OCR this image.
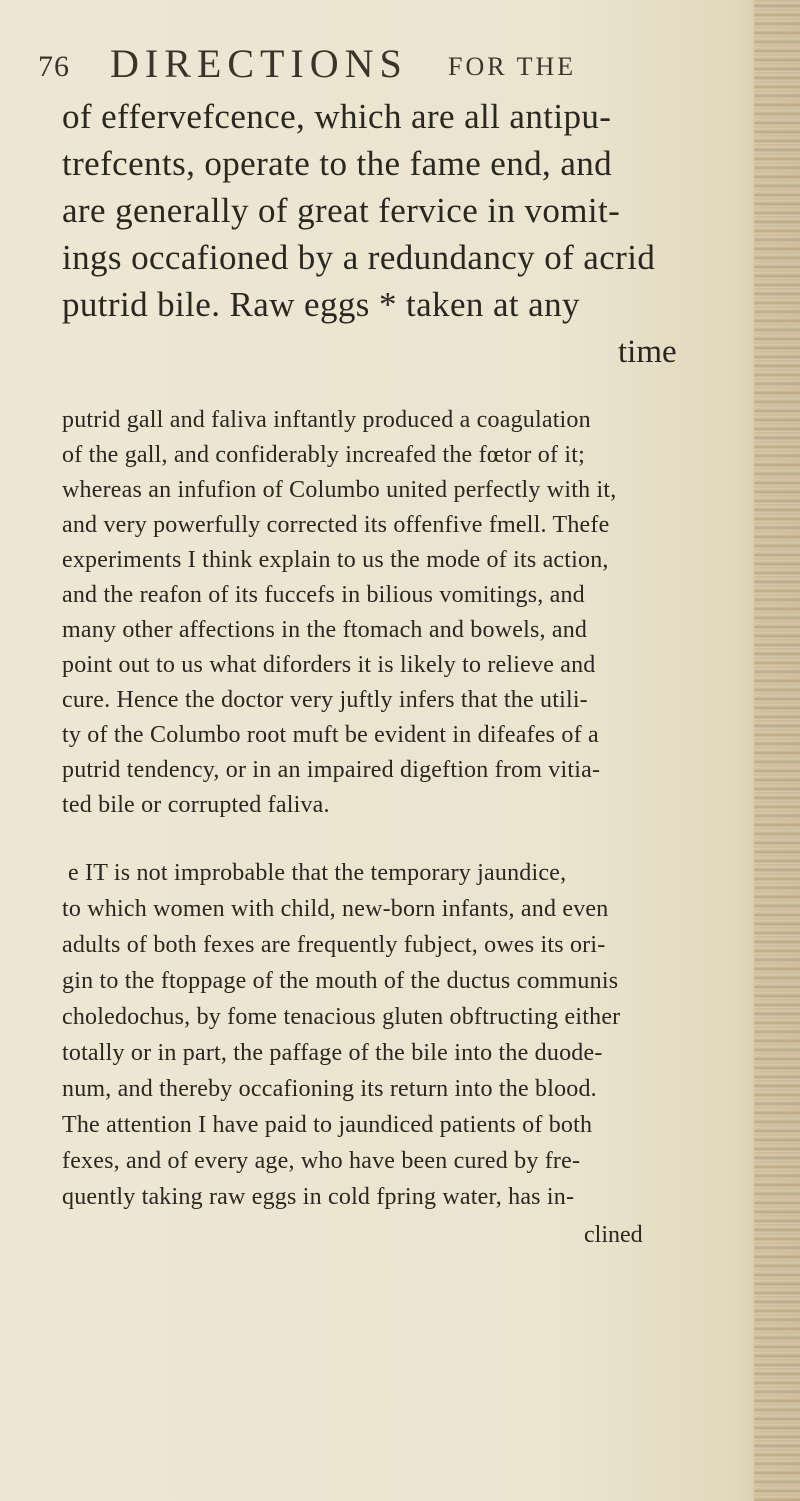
76 DIRECTIONS FOR THE
of effervefcence, which are all antipu-
trefcents, operate to the fame end, and
are generally of great fervice in vomit-
ings occafioned by a redundancy of acrid
putrid bile. Raw eggs * taken at any
time
putrid gall and faliva inftantly produced a coagulation
of the gall, and confiderably increafed the fœtor of it;
whereas an infufion of Columbo united perfectly with it,
and very powerfully corrected its offenfive fmell. Thefe
experiments I think explain to us the mode of its action,
and the reafon of its fuccefs in bilious vomitings, and
many other affections in the ftomach and bowels, and
point out to us what diforders it is likely to relieve and
cure. Hence the doctor very juftly infers that the utili-
ty of the Columbo root muft be evident in difeafes of a
putrid tendency, or in an impaired digeftion from vitia-
ted bile or corrupted faliva.
e IT is not improbable that the temporary jaundice,
to which women with child, new-born infants, and even
adults of both fexes are frequently fubject, owes its ori-
gin to the ftoppage of the mouth of the ductus communis
choledochus, by fome tenacious gluten obftructing either
totally or in part, the paffage of the bile into the duode-
num, and thereby occafioning its return into the blood.
The attention I have paid to jaundiced patients of both
fexes, and of every age, who have been cured by fre-
quently taking raw eggs in cold fpring water, has in-
clined
